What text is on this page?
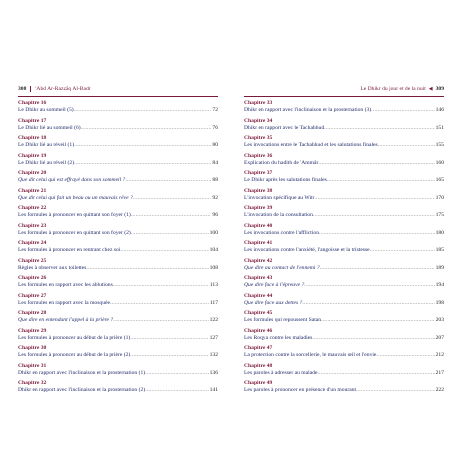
308 'Abd Ar-Razzâq Al-Badr
Chapitre 16
Le Dhikr au sommeil (5) .....	72
Chapitre 17
Le Dhikr lié au sommeil (6) .....	76
Chapitre 18
Le Dhikr lié au réveil (1) .....	80
Chapitre 19
Le Dhikr lié au réveil (2) .....	84
Chapitre 20
Que dit celui qui est effrayé dans son sommeil ? .....	88
Chapitre 21
Que dit celui qui fait un beau ou un mauvais rêve ? .....	92
Chapitre 22
Les formules à prononcer en quittant son foyer (1) .....	96
Chapitre 23
Les formules à prononcer en quittant son foyer (2) .....	100
Chapitre 24
Les formules à prononcer en rentrant chez soi .....	104
Chapitre 25
Règles à observer aux toilettes .....	108
Chapitre 26
Les formules en rapport avec les ablutions .....	113
Chapitre 27
Les formules en rapport avec la mosquée .....	117
Chapitre 28
Que dire en entendant l'appel à la prière ? .....	122
Chapitre 29
Les formules à prononcer au début de la prière (1) .....	127
Chapitre 30
Les formules à prononcer au début de la prière (2) .....	132
Chapitre 31
Dhikr en rapport avec l'inclinaison et la prosternation (1) .....	136
Chapitre 32
Dhikr en rapport avec l'inclinaison et la prosternation (2) .....	141
Le Dhikr du jour et de la nuit ◀ 309
Chapitre 33
Dhikr en rapport avec l'inclinaison et la prosternation (3) .....	146
Chapitre 34
Dhikr en rapport avec le Tachahhud .....	151
Chapitre 35
Les invocations entre le Tachahhud et les salutations finales .....	155
Chapitre 36
Explication du hadith de 'Ammâr .....	160
Chapitre 37
Le Dhikr après les salutations finales .....	165
Chapitre 38
L'invocation spécifique au Witr .....	170
Chapitre 39
L'invocation de la consultation .....	175
Chapitre 40
Les invocations contre l'affliction .....	180
Chapitre 41
Les invocations contre l'anxiété, l'angoisse et la tristesse .....	185
Chapitre 42
Que dire au contact de l'ennemi ? .....	189
Chapitre 43
Que dire face à l'épreuve ? .....	194
Chapitre 44
Que dire face aux dettes ? .....	198
Chapitre 45
Les formules qui repoussent Satan .....	203
Chapitre 46
Les Roqya contre les maladies .....	207
Chapitre 47
La protection contre la sorcellerie, le mauvais œil et l'envie .....	212
Chapitre 48
Les paroles à adresser au malade .....	217
Chapitre 49
Les paroles à prononcer en présence d'un mourant .....	222
